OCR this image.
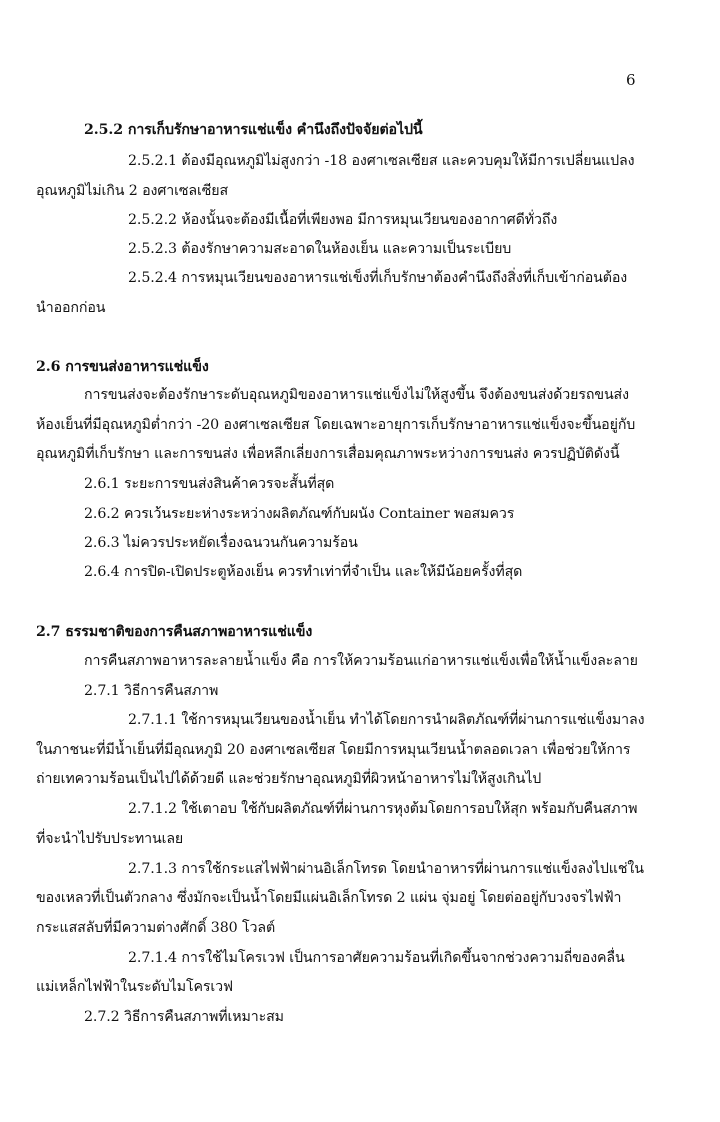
6
2.5.2 การเก็บรักษาอาหารแช่แข็ง คำนึงถึงปัจจัยต่อไปนี้
2.5.2.1 ต้องมีอุณหภูมิไม่สูงกว่า -18 องศาเซลเซียส และควบคุมให้มีการเปลี่ยนแปลง
อุณหภูมิไม่เกิน 2 องศาเซลเซียส
2.5.2.2 ห้องนั้นจะต้องมีเนื้อที่เพียงพอ มีการหมุนเวียนของอากาศดีทั่วถึง
2.5.2.3 ต้องรักษาความสะอาดในห้องเย็น และความเป็นระเบียบ
2.5.2.4 การหมุนเวียนของอาหารแช่เข็งที่เก็บรักษาต้องคำนึงถึงสิ่งที่เก็บเข้าก่อนต้อง
นำออกก่อน
2.6 การขนส่งอาหารแช่แข็ง
การขนส่งจะต้องรักษาระดับอุณหภูมิของอาหารแช่แข็งไม่ให้สูงขึ้น จึงต้องขนส่งด้วยรถขนส่ง
ห้องเย็นที่มีอุณหภูมิต่ำกว่า -20 องศาเซลเซียส โดยเฉพาะอายุการเก็บรักษาอาหารแช่แข็งจะขึ้นอยู่กับ
อุณหภูมิที่เก็บรักษา และการขนส่ง เพื่อหลีกเลี่ยงการเสื่อมคุณภาพระหว่างการขนส่ง ควรปฏิบัติดังนี้
2.6.1 ระยะการขนส่งสินค้าควรจะสั้นที่สุด
2.6.2 ควรเว้นระยะห่างระหว่างผลิตภัณฑ์กับผนัง Container พอสมควร
2.6.3 ไม่ควรประหยัดเรื่องฉนวนกันความร้อน
2.6.4 การปิด-เปิดประตูห้องเย็น ควรทำเท่าที่จำเป็น และให้มีน้อยครั้งที่สุด
2.7 ธรรมชาติของการคืนสภาพอาหารแช่แข็ง
การคืนสภาพอาหารละลายน้ำแข็ง คือ การให้ความร้อนแก่อาหารแช่แข็งเพื่อให้น้ำแข็งละลาย
2.7.1 วิธีการคืนสภาพ
2.7.1.1 ใช้การหมุนเวียนของน้ำเย็น ทำได้โดยการนำผลิตภัณฑ์ที่ผ่านการแช่แข็งมาลง
ในภาชนะที่มีน้ำเย็นที่มีอุณหภูมิ 20 องศาเซลเซียส โดยมีการหมุนเวียนน้ำตลอดเวลา เพื่อช่วยให้การ
ถ่ายเทความร้อนเป็นไปได้ด้วยดี และช่วยรักษาอุณหภูมิที่ผิวหน้าอาหารไม่ให้สูงเกินไป
2.7.1.2 ใช้เตาอบ ใช้กับผลิตภัณฑ์ที่ผ่านการหุงต้มโดยการอบให้สุก พร้อมกับคืนสภาพ
ที่จะนำไปรับประทานเลย
2.7.1.3 การใช้กระแสไฟฟ้าผ่านอิเล็กโทรด โดยนำอาหารที่ผ่านการแช่แข็งลงไปแช่ใน
ของเหลวที่เป็นตัวกลาง ซึ่งมักจะเป็นน้ำโดยมีแผ่นอิเล็กโทรด 2 แผ่น จุ่มอยู่ โดยต่ออยู่กับวงจรไฟฟ้า
กระแสสลับที่มีความต่างศักดิ์ 380 โวลต์
2.7.1.4 การใช้ไมโครเวฟ เป็นการอาศัยความร้อนที่เกิดขึ้นจากช่วงความถี่ของคลื่น
แม่เหล็กไฟฟ้าในระดับไมโครเวฟ
2.7.2 วิธีการคืนสภาพที่เหมาะสม
